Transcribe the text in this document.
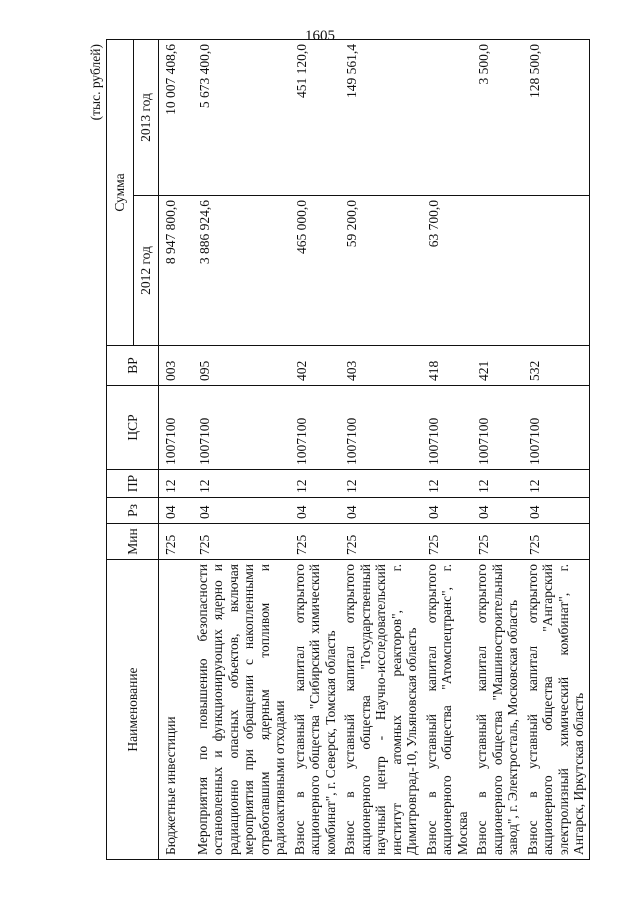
1605
(тыс. рублей)
Наименование	Мин	Рз	ПР	ЦСР	ВР	Сумма	
						2012 год	2013 год
Бюджетные инвестиции	725	04	12	1007100	003	8 947 800,0	10 007 408,6
Мероприятия по повышению безопасности остановленных и функционирующих ядерно и радиационно опасных объектов, включая мероприятия при обращении с накопленными отработавшим ядерным топливом и радиоактивными отходами	725	04	12	1007100	095	3 886 924,6	5 673 400,0
Взнос в уставный капитал открытого акционерного общества "Сибирский химический комбинат", г. Северск, Томская область	725	04	12	1007100	402	465 000,0	451 120,0
Взнос в уставный капитал открытого акционерного общества "Государственный научный центр - Научно-исследовательский институт атомных реакторов", г. Димитровград-10, Ульяновская область	725	04	12	1007100	403	59 200,0	149 561,4
Взнос в уставный капитал открытого акционерного общества "Атомспецтранс", г. Москва	725	04	12	1007100	418	63 700,0	
Взнос в уставный капитал открытого акционерного общества "Машиностроительный завод", г. Электросталь, Московская область	725	04	12	1007100	421		3 500,0
Взнос в уставный капитал открытого акционерного общества "Ангарский электролизный химический комбинат", г. Ангарск, Иркутская область	725	04	12	1007100	532		128 500,0
